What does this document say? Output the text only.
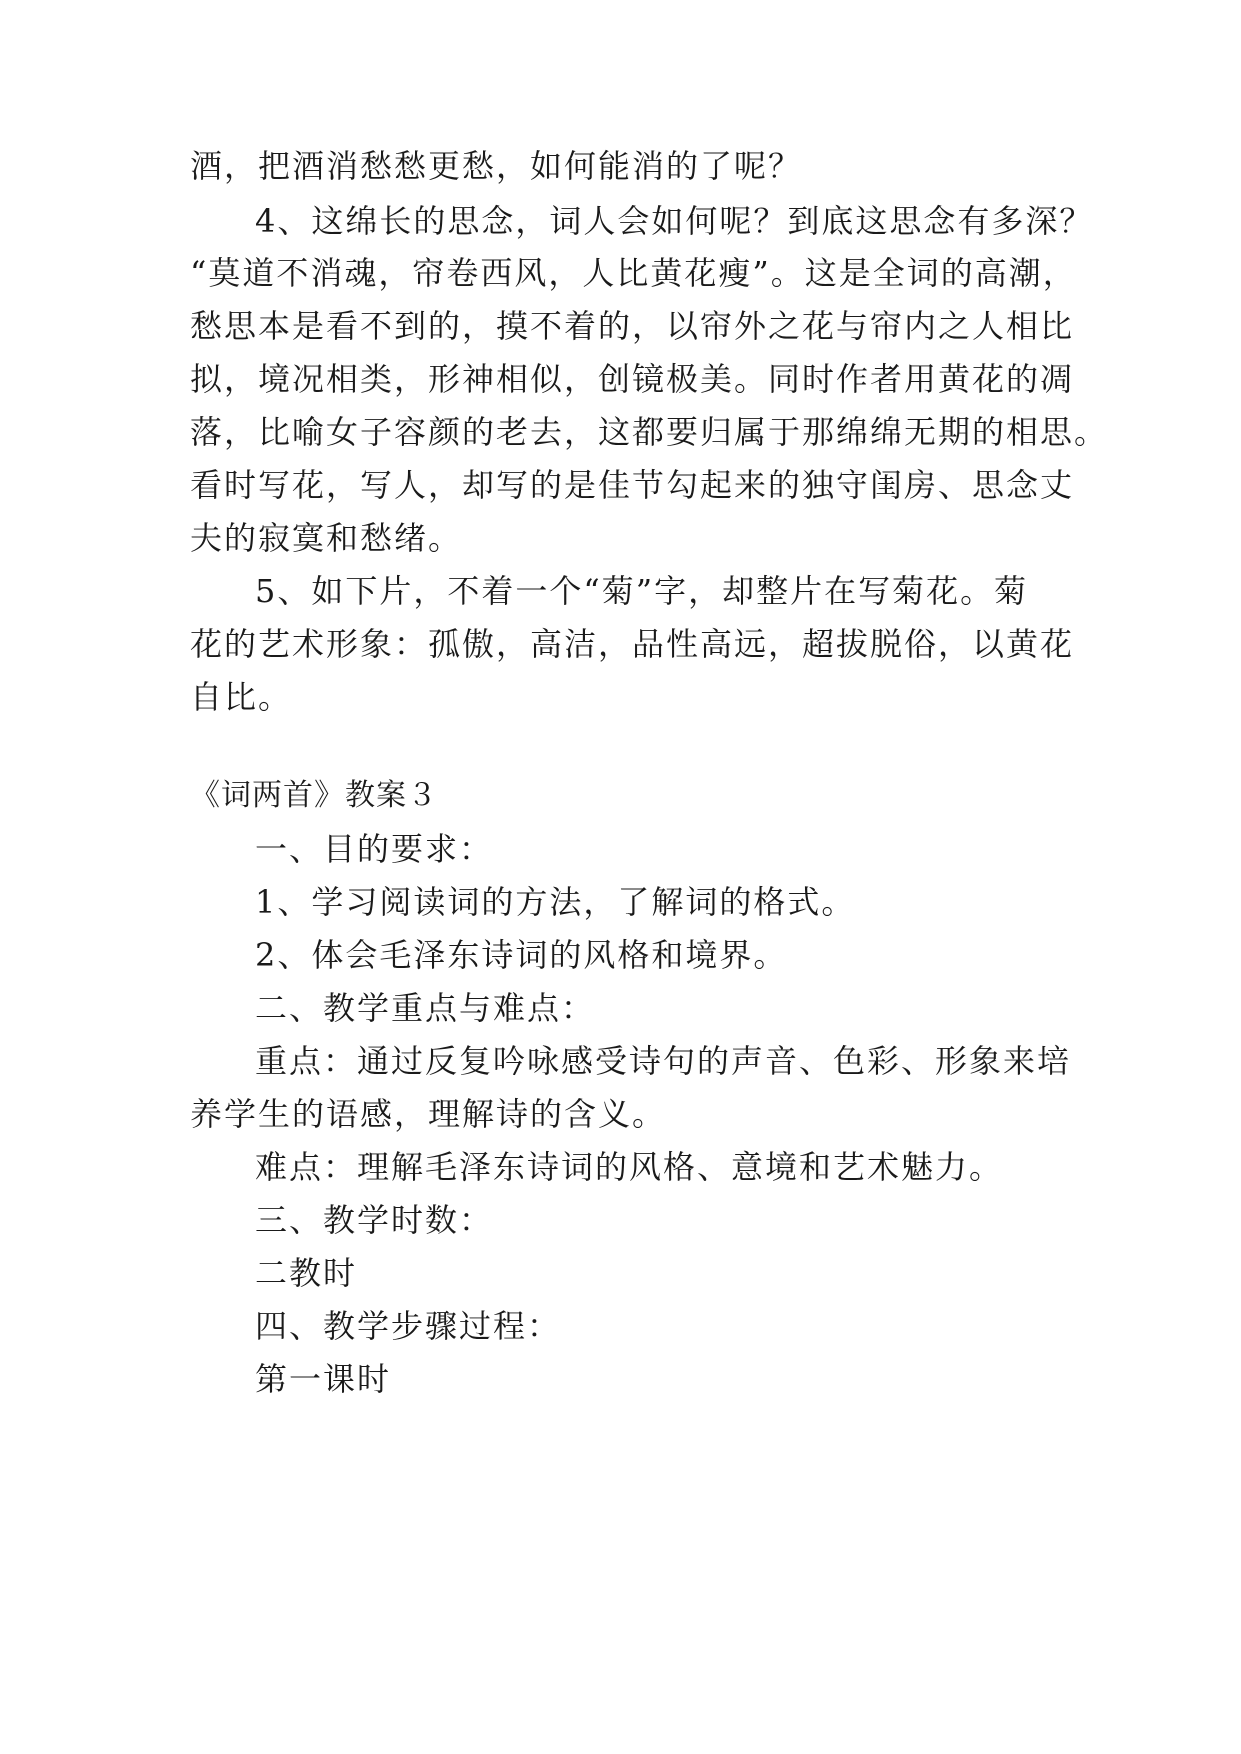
酒，把酒消愁愁更愁，如何能消的了呢？
4、这绵长的思念，词人会如何呢？到底这思念有多深？
“莫道不消魂，帘卷西风，人比黄花瘦”。这是全词的高潮，
愁思本是看不到的，摸不着的，以帘外之花与帘内之人相比
拟，境况相类，形神相似，创镜极美。同时作者用黄花的凋
落，比喻女子容颜的老去，这都要归属于那绵绵无期的相思。
看时写花，写人，却写的是佳节勾起来的独守闺房、思念丈
夫的寂寞和愁绪。
5、如下片，不着一个“菊”字，却整片在写菊花。菊
花的艺术形象：孤傲，高洁，品性高远，超拔脱俗，以黄花
自比。
《词两首》教案３
一、目的要求：
1、学习阅读词的方法，了解词的格式。
2、体会毛泽东诗词的风格和境界。
二、教学重点与难点：
重点：通过反复吟咏感受诗句的声音、色彩、形象来培
养学生的语感，理解诗的含义。
难点：理解毛泽东诗词的风格、意境和艺术魅力。
三、教学时数：
二教时
四、教学步骤过程：
第一课时
